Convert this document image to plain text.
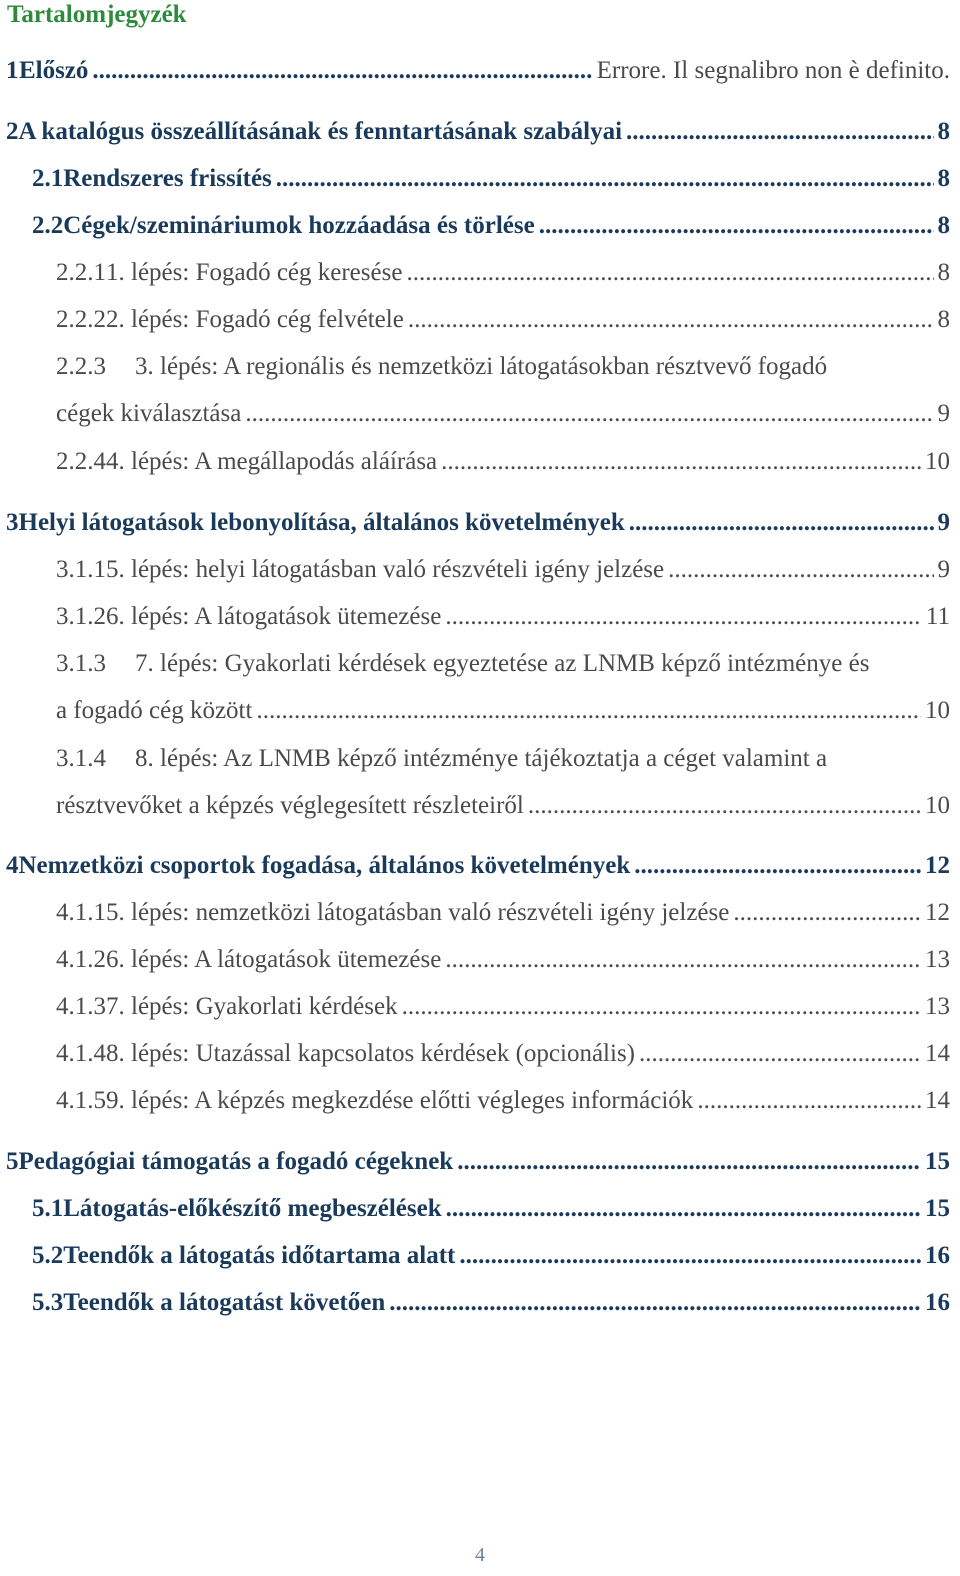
Tartalomjegyzék
1 Előszó .....	Errore. Il segnalibro non è definito.
2 A katalógus összeállításának és fenntartásának szabályai .....	8
2.1 Rendszeres frissítés .....	8
2.2 Cégek/szemináriumok hozzáadása és törlése .....	8
2.2.1 1. lépés: Fogadó cég keresése .....	8
2.2.2 2. lépés: Fogadó cég felvétele .....	8
2.2.3	3. lépés: A regionális és nemzetközi látogatásokban résztvevő fogadó
cégek kiválasztása .....	9
2.2.4 4. lépés: A megállapodás aláírása .....	10
3 Helyi látogatások lebonyolítása, általános követelmények .....	9
3.1.1 5. lépés: helyi látogatásban való részvételi igény jelzése .....	9
3.1.2 6. lépés: A látogatások ütemezése .....	11
3.1.3	7. lépés: Gyakorlati kérdések egyeztetése az LNMB képző intézménye és
a fogadó cég között .....	10
3.1.4	8. lépés: Az LNMB képző intézménye tájékoztatja a céget valamint a
résztvevőket a képzés véglegesített részleteiről .....	10
4 Nemzetközi csoportok fogadása, általános követelmények .....	12
4.1.1 5. lépés: nemzetközi látogatásban való részvételi igény jelzése .....	12
4.1.2 6. lépés: A látogatások ütemezése .....	13
4.1.3 7. lépés: Gyakorlati kérdések .....	13
4.1.4 8. lépés: Utazással kapcsolatos kérdések (opcionális) .....	14
4.1.5 9. lépés: A képzés megkezdése előtti végleges információk .....	14
5 Pedagógiai támogatás a fogadó cégeknek .....	15
5.1 Látogatás-előkészítő megbeszélések .....	15
5.2 Teendők a látogatás időtartama alatt .....	16
5.3 Teendők a látogatást követően .....	16
4
